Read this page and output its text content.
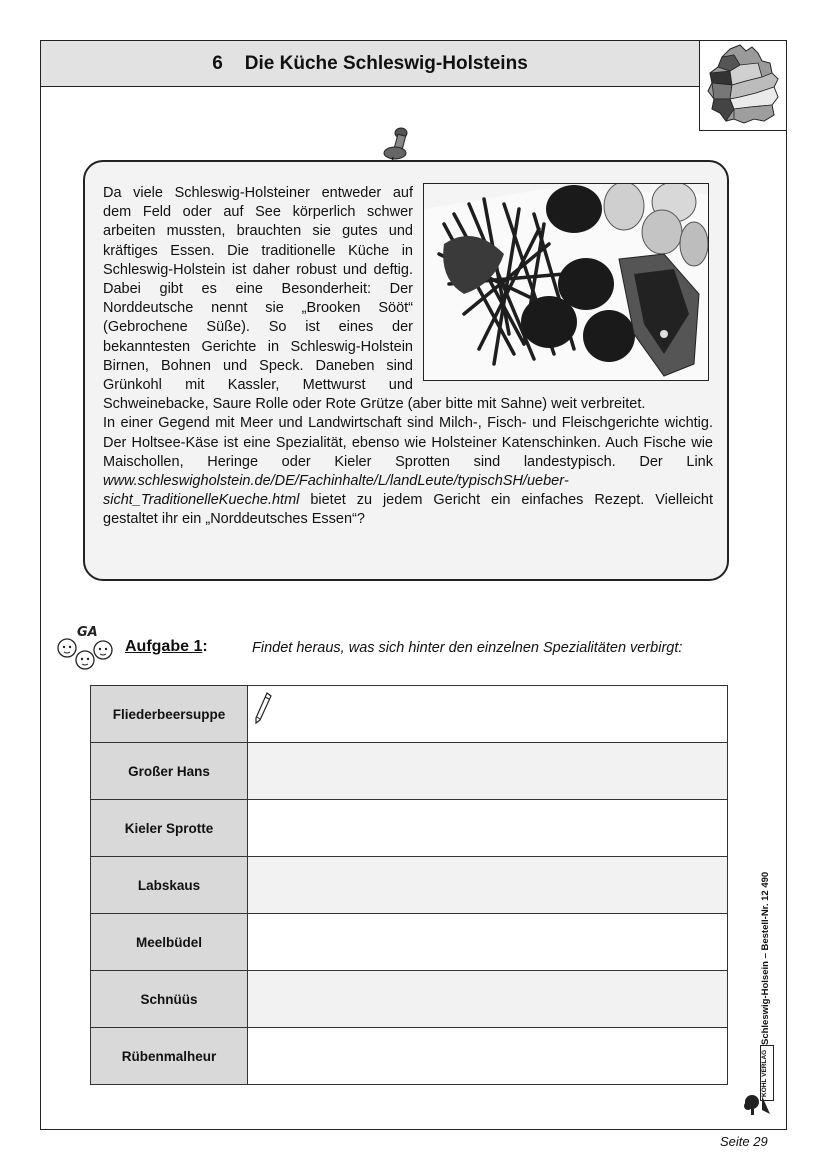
6 Die Küche Schleswig-Holsteins

Da viele Schleswig-Holsteiner entweder auf dem Feld oder auf See körperlich schwer arbeiten mussten, brauchten sie gutes und kräftiges Essen. Die traditionelle Küche in Schleswig-Holstein ist daher robust und deftig. Dabei gibt es eine Besonderheit: Der Norddeutsche nennt sie „Brooken Sööt“ (Gebrochene Süße). So ist eines der bekanntesten Gerichte in Schleswig-Holstein Birnen, Bohnen und Speck. Daneben sind Grünkohl mit Kassler, Mettwurst und Schweinebacke, Saure Rolle oder Rote Grütze (aber bitte mit Sahne) weit verbreitet.

In einer Gegend mit Meer und Landwirtschaft sind Milch-, Fisch- und Fleischgerichte wichtig. Der Holtsee-Käse ist eine Spezialität, ebenso wie Holsteiner Katenschinken. Auch Fische wie Maischollen, Heringe oder Kieler Sprotten sind landestypisch. Der Link www.schleswigholstein.de/DE/Fachinhalte/L/landLeute/typischSH/uebersicht_TraditionelleKueche.html bietet zu jedem Gericht ein einfaches Rezept. Vielleicht gestaltet ihr ein „Norddeutsches Essen“?

GA
Aufgabe 1:	Findet heraus, was sich hinter den einzelnen Spezialitäten verbirgt:
Fliederbeersuppe	

Großer Hans	
Kieler Sprotte	
Labskaus	
Meelbüdel	
Schnüüs	
Rübenmalheur	
Schleswig-Holsein – Bestell-Nr. 12 490
KOHL VERLAG
Seite 29
